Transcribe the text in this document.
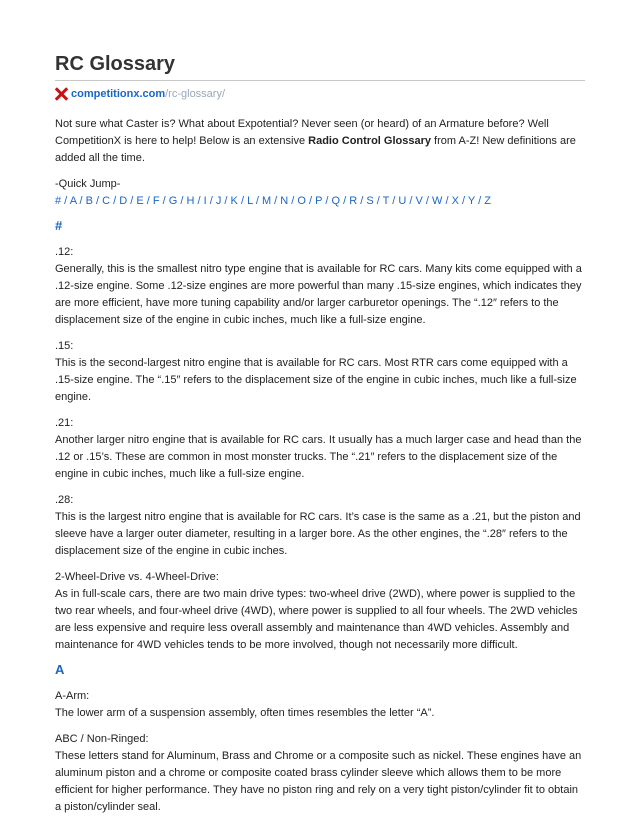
RC Glossary
competitionx.com /rc-glossary/

Not sure what Caster is? What about Expotential? Never seen (or heard) of an Armature before? Well CompetitionX is here to help! Below is an extensive Radio Control Glossary from A-Z! New definitions are added all the time.

-Quick Jump-

# / A / B / C / D / E / F / G / H / I / J / K / L / M / N / O / P / Q / R / S / T / U / V / W / X / Y / Z

#

.12:

Generally, this is the smallest nitro type engine that is available for RC cars. Many kits come equipped with a .12-size engine. Some .12-size engines are more powerful than many .15-size engines, which indicates they are more efficient, have more tuning capability and/or larger carburetor openings. The “.12″ refers to the displacement size of the engine in cubic inches, much like a full-size engine.

.15:

This is the second-largest nitro engine that is available for RC cars. Most RTR cars come equipped with a .15-size engine. The “.15″ refers to the displacement size of the engine in cubic inches, much like a full-size engine.

.21:

Another larger nitro engine that is available for RC cars. It usually has a much larger case and head than the .12 or .15’s. These are common in most monster trucks. The “.21″ refers to the displacement size of the engine in cubic inches, much like a full-size engine.

.28:

This is the largest nitro engine that is available for RC cars. It’s case is the same as a .21, but the piston and sleeve have a larger outer diameter, resulting in a larger bore. As the other engines, the “.28″ refers to the displacement size of the engine in cubic inches.

2-Wheel-Drive vs. 4-Wheel-Drive:

As in full-scale cars, there are two main drive types: two-wheel drive (2WD), where power is supplied to the two rear wheels, and four-wheel drive (4WD), where power is supplied to all four wheels. The 2WD vehicles are less expensive and require less overall assembly and maintenance than 4WD vehicles. Assembly and maintenance for 4WD vehicles tends to be more involved, though not necessarily more difficult.

A

A-Arm:

The lower arm of a suspension assembly, often times resembles the letter “A”.

ABC / Non-Ringed:

These letters stand for Aluminum, Brass and Chrome or a composite such as nickel. These engines have an aluminum piston and a chrome or composite coated brass cylinder sleeve which allows them to be more efficient for higher performance. They have no piston ring and rely on a very tight piston/cylinder fit to obtain a piston/cylinder seal.
